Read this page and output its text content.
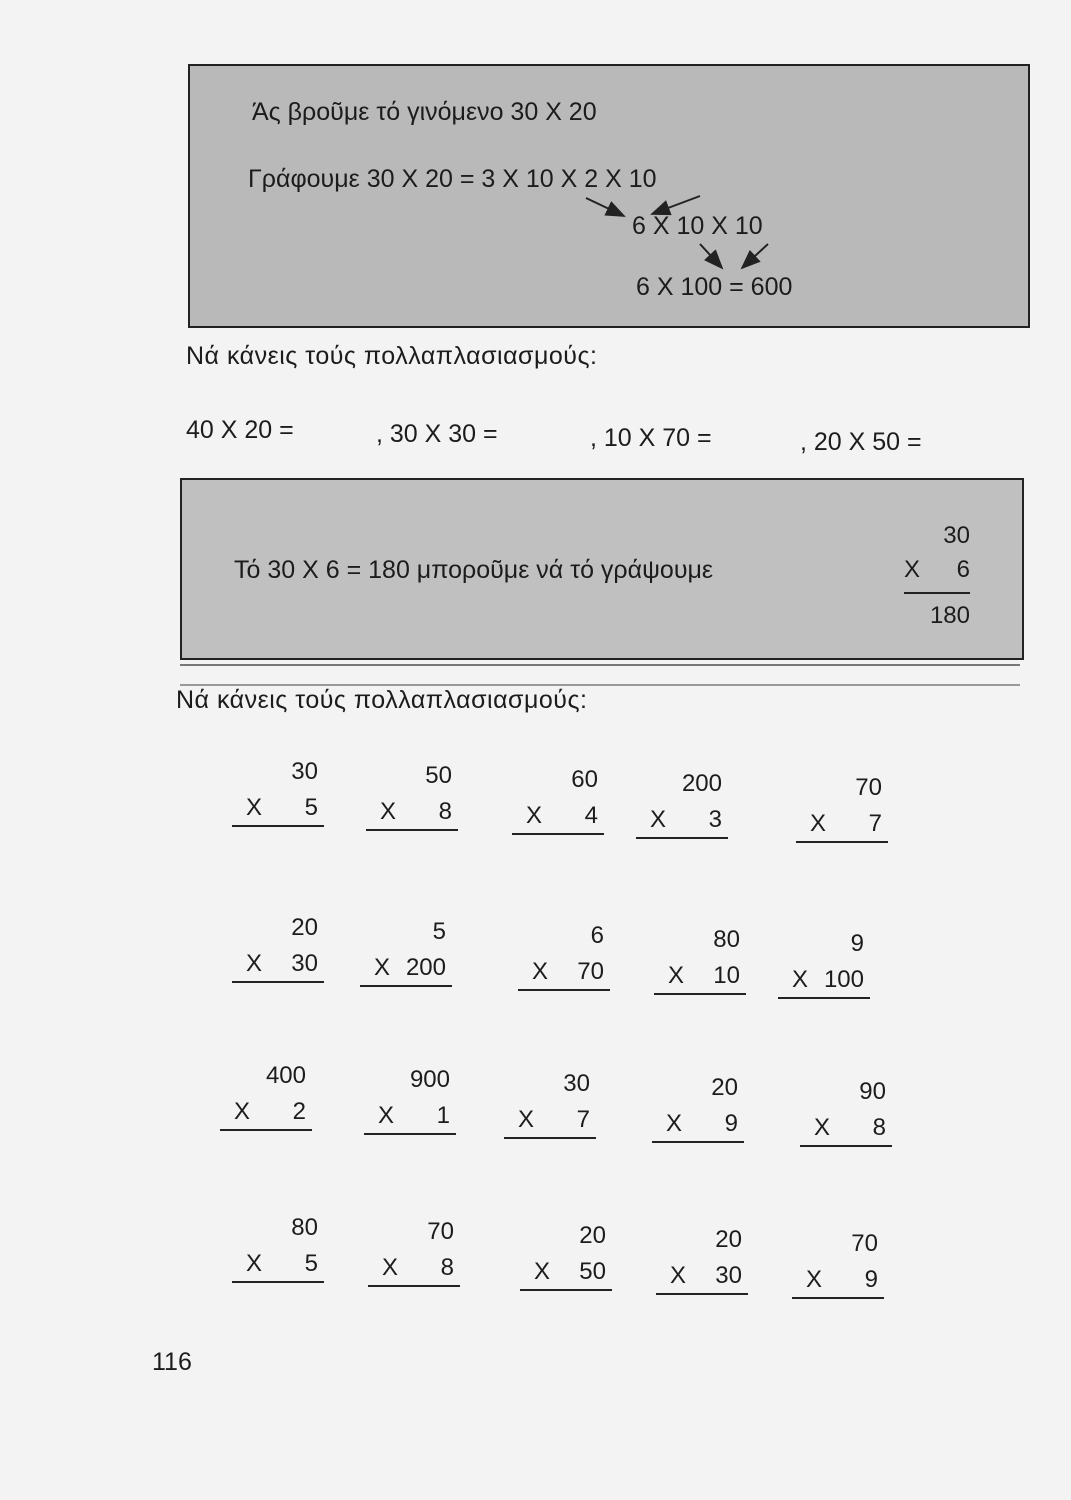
Άς βροῦμε τό γινόμενο 30 Χ 20
Γράφουμε 30 Χ 20 = 3 Χ 10 Χ 2 Χ 10
6 Χ 10 Χ 10
6 Χ 100 = 600
Νά κάνεις τούς πολλαπλασιασμούς:
40 Χ 20 =	, 30 Χ 30 =	, 10 Χ 70 =	, 20 Χ 50 =
Τό 30 Χ 6 = 180 μποροῦμε νά τό γράψουμε
30
Χ 6
180
Νά κάνεις τούς πολλαπλασιασμούς:
30
Χ 5
50
Χ 8
60
Χ 4
200
Χ 3
70
Χ 7
20
Χ 30
5
Χ 200
6
Χ 70
80
Χ 10
9
Χ 100
400
Χ 2
900
Χ 1
30
Χ 7
20
Χ 9
90
Χ 8
80
Χ 5
70
Χ 8
20
Χ 50
20
Χ 30
70
Χ 9
116
